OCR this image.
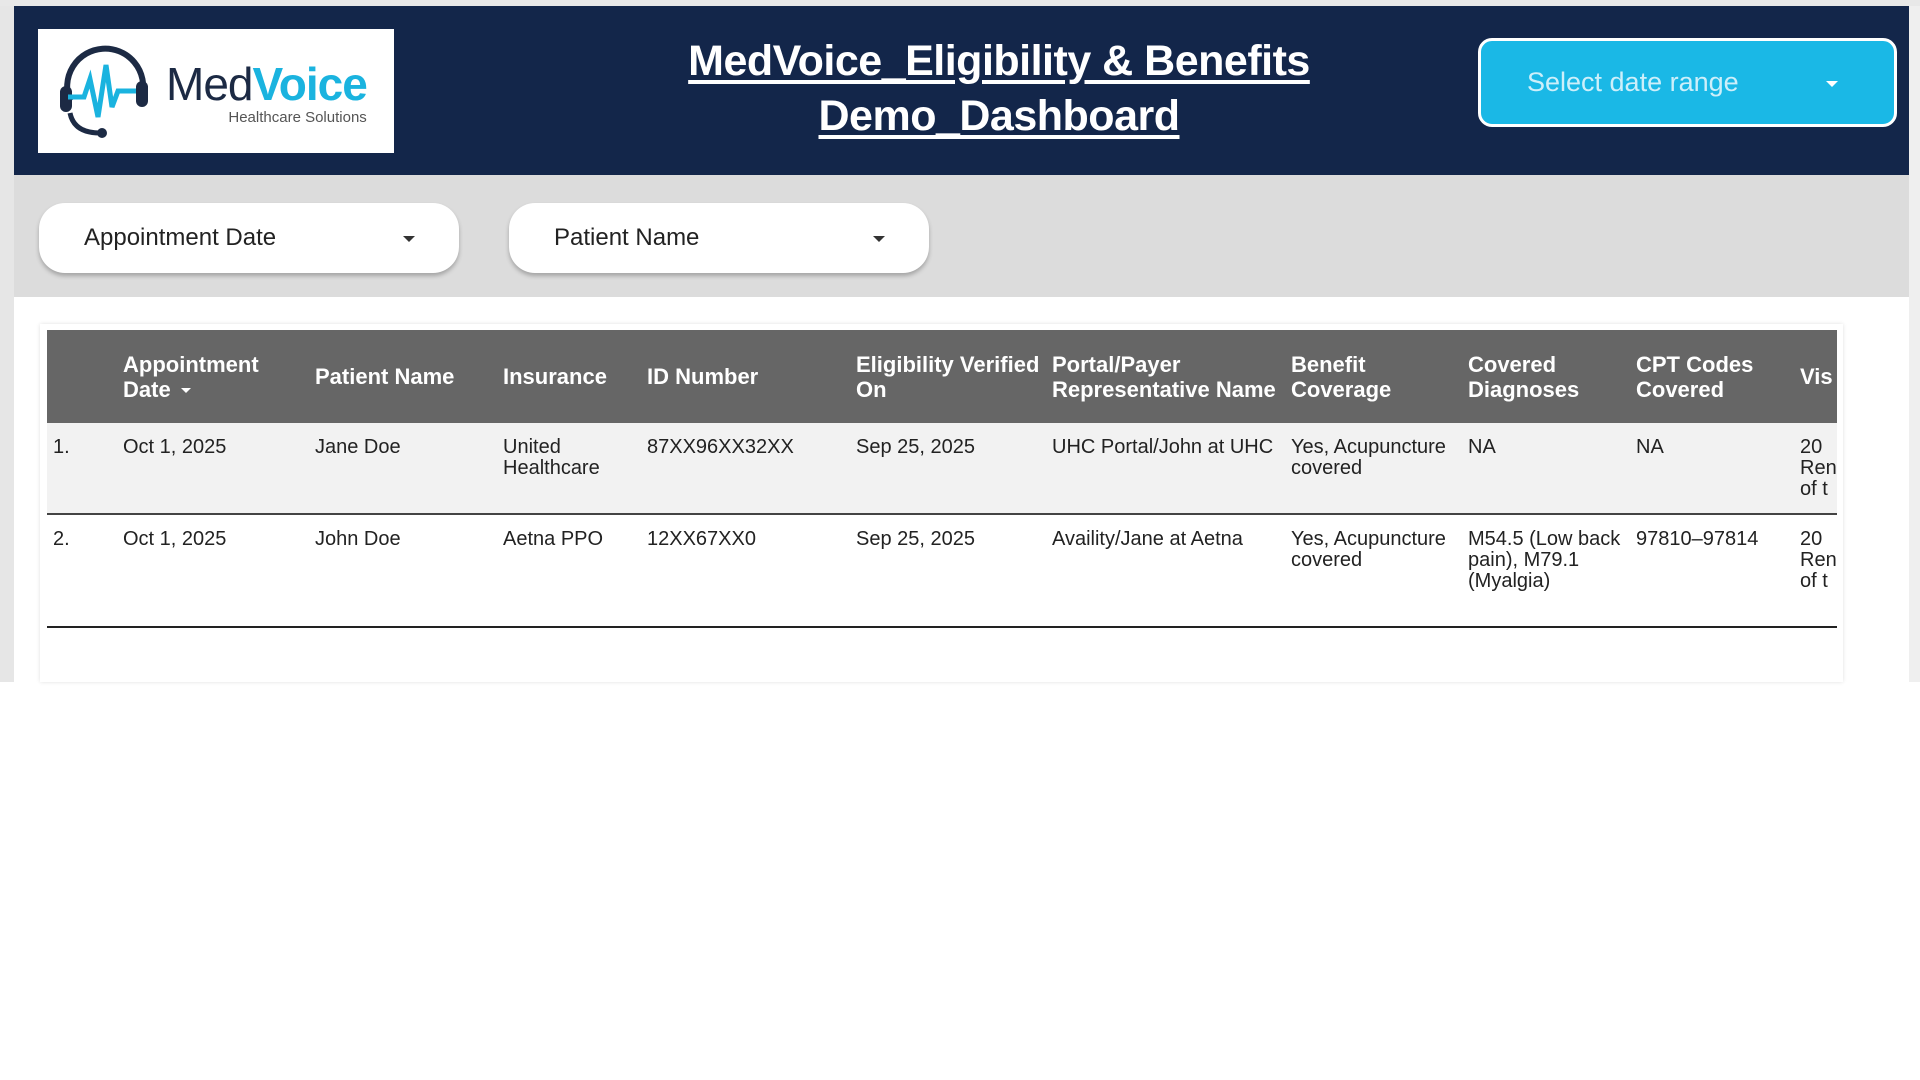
MedVoice
Healthcare Solutions
MedVoice_Eligibility & Benefits
Demo_Dashboard
Select date range
Appointment Date	Patient Name
	Appointment Date	Patient Name	Insurance	ID Number	Eligibility Verified On	Portal/Payer Representative Name	Benefit Coverage	Covered Diagnoses	CPT Codes Covered	Vis
1.	Oct 1, 2025	Jane Doe	United Healthcare	87XX96XX32XX	Sep 25, 2025	UHC Portal/John at UHC	Yes, Acupuncture covered	NA	NA	20
Ren
of t

2.	Oct 1, 2025	John Doe	Aetna PPO	12XX67XX0	Sep 25, 2025	Availity/Jane at Aetna	Yes, Acupuncture covered	M54.5 (Low back pain), M79.1 (Myalgia)	97810–97814	20
Ren
of t
